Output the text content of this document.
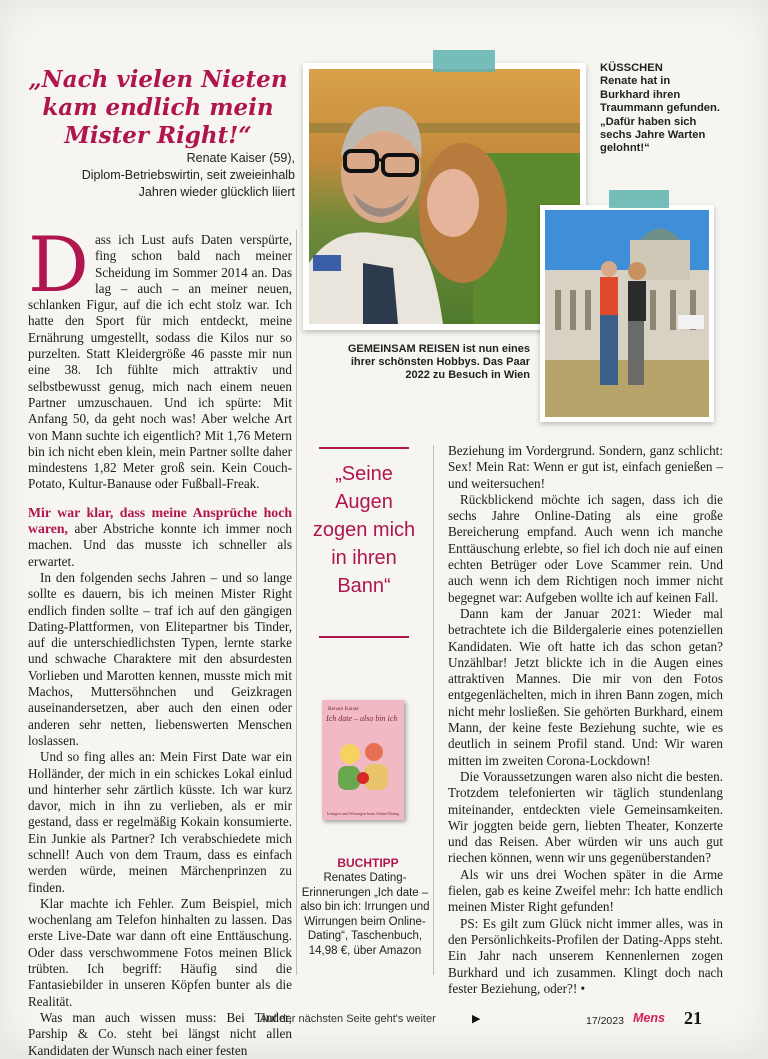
„Nach vielen Nieten kam endlich mein Mister Right!“
Renate Kaiser (59),
Diplom-Betriebswirtin, seit zweieinhalb
Jahren wieder glücklich liiert
KÜSSCHEN
Renate hat in Burkhard ihren Traummann gefunden. „Dafür haben sich sechs Jahre Warten gelohnt!“
GEMEINSAM REISEN ist nun eines ihrer schönsten Hobbys. Das Paar 2022 zu Besuch in Wien

Dass ich Lust aufs Daten verspürte, fing schon bald nach meiner Scheidung im Sommer 2014 an. Das lag – auch – an meiner neuen, schlanken Figur, auf die ich echt stolz war. Ich hatte den Sport für mich entdeckt, meine Ernährung umgestellt, sodass die Kilos nur so purzelten. Statt Kleidergröße 46 passte mir nun eine 38. Ich fühlte mich attraktiv und selbstbewusst genug, mich nach einem neuen Partner umzuschauen. Und ich spürte: Mit Anfang 50, da geht noch was! Aber welche Art von Mann suchte ich eigentlich? Mit 1,76 Metern bin ich nicht eben klein, mein Partner sollte daher mindestens 1,82 Meter groß sein. Kein Couch-Potato, Kultur-Banause oder Fußball-Freak.

Mir war klar, dass meine Ansprüche hoch waren, aber Abstriche konnte ich immer noch machen. Und das musste ich schneller als erwartet.

In den folgenden sechs Jahren – und so lange sollte es dauern, bis ich meinen Mister Right endlich finden sollte – traf ich auf den gängigen Dating-Plattformen, von Elitepartner bis Tinder, auf die unterschiedlichsten Typen, lernte starke und schwache Charaktere mit den absurdesten Vorlieben und Marotten kennen, musste mich mit Machos, Muttersöhnchen und Geizkragen auseinandersetzen, aber auch den einen oder anderen sehr netten, liebenswerten Menschen loslassen.

Und so fing alles an: Mein First Date war ein Holländer, der mich in ein schickes Lokal einlud und hinterher sehr zärtlich küsste. Ich war kurz davor, mich in ihn zu verlieben, als er mir gestand, dass er regelmäßig Kokain konsumierte. Ein Junkie als Partner? Ich verabschiedete mich schnell! Auch von dem Traum, dass es einfach werden würde, meinen Märchenprinzen zu finden.

Klar machte ich Fehler. Zum Beispiel, mich wochenlang am Telefon hinhalten zu lassen. Das erste Live-Date war dann oft eine Enttäuschung. Oder dass verschwommene Fotos meinen Blick trübten. Ich begriff: Häufig sind die Fantasiebilder in unseren Köpfen bunter als die Realität.

Was man auch wissen muss: Bei Tinder, Parship & Co. steht bei längst nicht allen Kandidaten der Wunsch nach einer festen

„Seine Augen zogen mich in ihren Bann“
Renate Kaiser
Ich date – also bin ich
Irrungen und Wirrungen beim Online-Dating
BUCHTIPP
Renates Dating-Erinnerungen „Ich date – also bin ich: Irrungen und Wirrungen beim Online-Dating“, Taschenbuch, 14,98 €, über Amazon

Beziehung im Vordergrund. Sondern, ganz schlicht: Sex! Mein Rat: Wenn er gut ist, einfach genießen – und weitersuchen!

Rückblickend möchte ich sagen, dass ich die sechs Jahre Online-Dating als eine große Bereicherung empfand. Auch wenn ich manche Enttäuschung erlebte, so fiel ich doch nie auf einen echten Betrüger oder Love Scammer rein. Und auch wenn ich dem Richtigen noch immer nicht begegnet war: Aufgeben wollte ich auf keinen Fall.

Dann kam der Januar 2021: Wieder mal betrachtete ich die Bildergalerie eines potenziellen Kandidaten. Wie oft hatte ich das schon getan? Unzählbar! Jetzt blickte ich in die Augen eines attraktiven Mannes. Die mir von den Fotos entgegenlächelten, mich in ihren Bann zogen, mich nicht mehr losließen. Sie gehörten Burkhard, einem Mann, der keine feste Beziehung suchte, wie es deutlich in seinem Profil stand. Und: Wir waren mitten im zweiten Corona-Lockdown!

Die Voraussetzungen waren also nicht die besten. Trotzdem telefonierten wir täglich stundenlang miteinander, entdeckten viele Gemeinsamkeiten. Wir joggten beide gern, liebten Theater, Konzerte und das Reisen. Aber würden wir uns auch gut riechen können, wenn wir uns gegenüberstanden?

Als wir uns drei Wochen später in die Arme fielen, gab es keine Zweifel mehr: Ich hatte endlich meinen Mister Right gefunden!

PS: Es gilt zum Glück nicht immer alles, was in den Persönlichkeits-Profilen der Dating-Apps steht. Ein Jahr nach unserem Kennenlernen zogen Burkhard und ich zusammen. Klingt doch nach fester Beziehung, oder?! •

Auf der nächsten Seite geht's weiter	▶	17/2023 Mens 21
